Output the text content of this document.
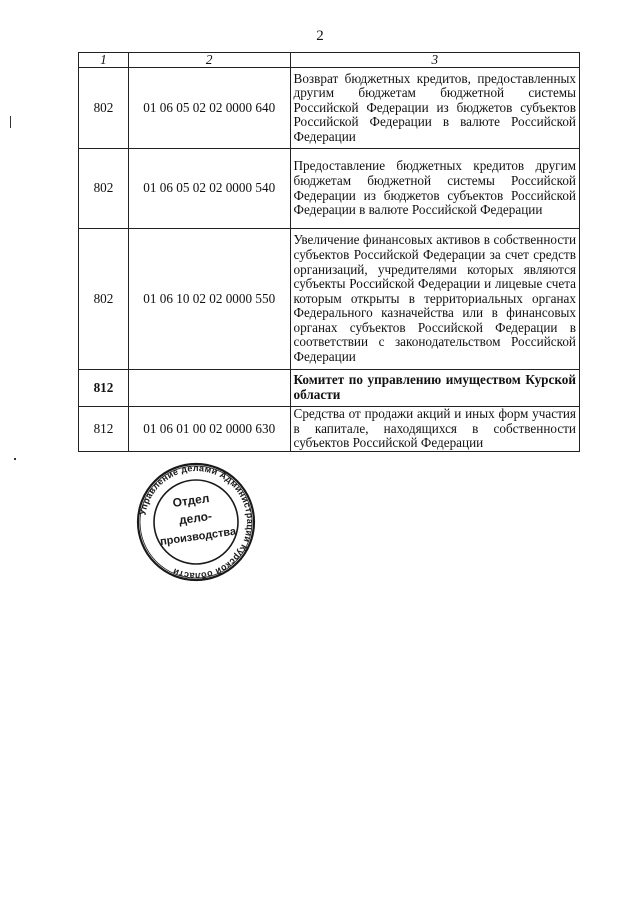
2
1	2	3
802	01 06 05 02 02 0000 640	Возврат бюджетных кредитов, предоставленных другим бюджетам бюджетной системы Российской Федерации из бюджетов субъектов Российской Федерации в валюте Российской Федерации
802	01 06 05 02 02 0000 540	Предоставление бюджетных кредитов другим бюджетам бюджетной системы Российской Федерации из бюджетов субъектов Российской Федерации в валюте Российской Федерации
802	01 06 10 02 02 0000 550	Увеличение финансовых активов в собственности субъектов Российской Федерации за счет средств организаций, учредителями которых являются субъекты Российской Федерации и лицевые счета которым открыты в территориальных органах Федерального казначейства или в финансовых органах субъектов Российской Федерации в соответствии с законодательством Российской Федерации
812		Комитет по управлению имуществом Курской области
812	01 06 01 00 02 0000 630	Средства от продажи акций и иных форм участия в капитале, находящихся в собственности субъектов Российской Федерации
Управление делами Администрации Курской области
Отдел
дело-
производства
